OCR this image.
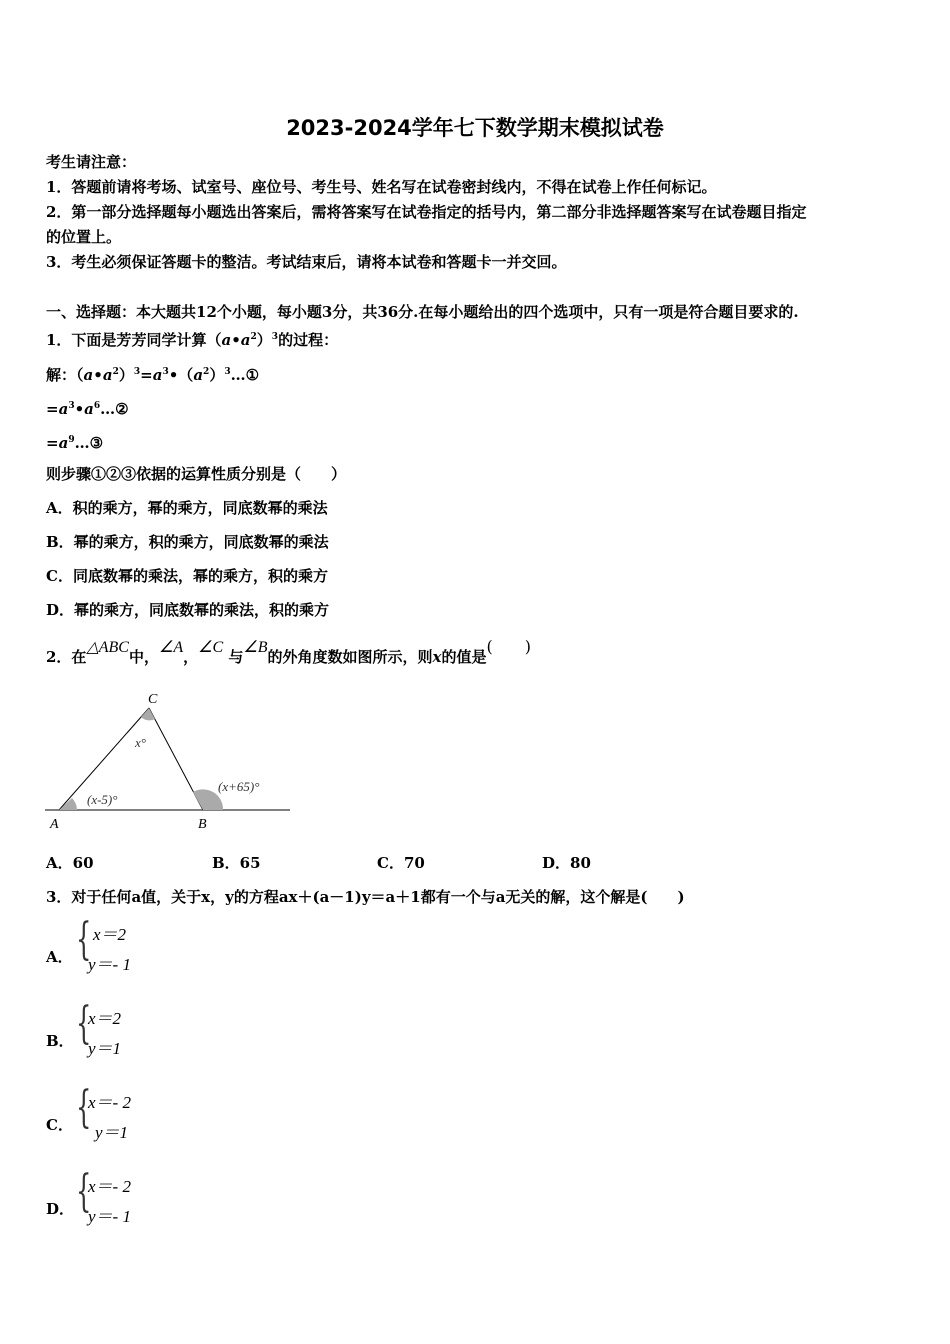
2023-2024学年七下数学期末模拟试卷
考生请注意：
1．答题前请将考场、试室号、座位号、考生号、姓名写在试卷密封线内，不得在试卷上作任何标记。
2．第一部分选择题每小题选出答案后，需将答案写在试卷指定的括号内，第二部分非选择题答案写在试卷题目指定
的位置上。
3．考生必须保证答题卡的整洁。考试结束后，请将本试卷和答题卡一并交回。
一、选择题：本大题共12个小题，每小题3分，共36分.在每小题给出的四个选项中，只有一项是符合题目要求的.
1．下面是芳芳同学计算$(a•a^2)^3$的过程：
解：$(a•a^2)^3=a^3•(a^2)^3\dots ①$
$=a^3•a^6\dots ②$
$=a^9\dots ③$
则步骤①②③依据的运算性质分别是（　　）
A．积的乘方，幂的乘方，同底数幂的乘法
B．幂的乘方，积的乘方，同底数幂的乘法
C．同底数幂的乘法，幂的乘方，积的乘方
D．幂的乘方，同底数幂的乘法，积的乘方
2．在△ABC中，∠A，∠C 与∠B的外角度数如图所示，则x的值是(　　)
C
A	B
x°
(x-5)°
(x+65)°
A．60	B．65	C．70	D．80
3．对于任何a值，关于x，y的方程ax＋(a－1)y＝a＋1都有一个与a无关的解，这个解是(　　)
A． { x＝2
y＝- 1
B． {
x＝2
y＝1
C． {
x＝- 2
y＝1
D． {
x＝- 2
y＝- 1
